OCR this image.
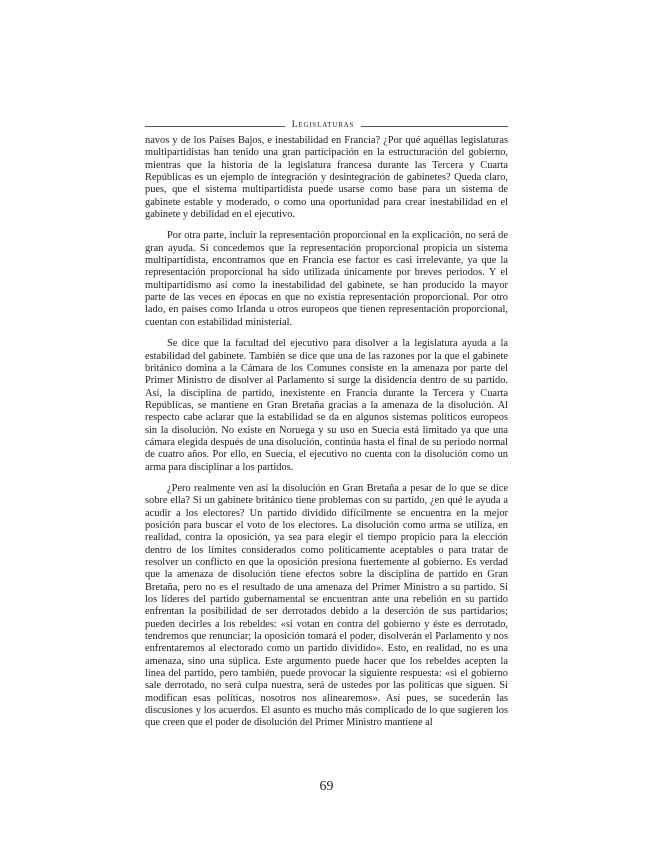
Legislaturas

navos y de los Países Bajos, e inestabilidad en Francia? ¿Por qué aquéllas legislaturas multipartidistas han tenido una gran participación en la estructuración del gobierno, mientras que la historia de la legislatura francesa durante las Tercera y Cuarta Repúblicas es un ejemplo de integración y desintegración de gabinetes? Queda claro, pues, que el sistema multipartidista puede usarse como base para un sistema de gabinete estable y moderado, o como una oportunidad para crear inestabilidad en el gabinete y debilidad en el ejecutivo.

Por otra parte, incluir la representación proporcional en la explicación, no será de gran ayuda. Si concedemos que la representación proporcional propicia un sistema multipartidista, encontramos que en Francia ese factor es casi irrelevante, ya que la representación proporcional ha sido utilizada únicamente por breves periodos. Y el multipartidismo así como la inestabilidad del gabinete, se han producido la mayor parte de las veces en épocas en que no existía representación proporcional. Por otro lado, en países como Irlanda u otros europeos que tienen representación proporcional, cuentan con estabilidad ministerial.

Se dice que la facultad del ejecutivo para disolver a la legislatura ayuda a la estabilidad del gabinete. También se dice que una de las razones por la que el gabinete británico domina a la Cámara de los Comunes consiste en la amenaza por parte del Primer Ministro de disolver al Parlamento si surge la disidencia dentro de su partido. Así, la disciplina de partido, inexistente en Francia durante la Tercera y Cuarta Repúblicas, se mantiene en Gran Bretaña gracias a la amenaza de la disolución. Al respecto cabe aclarar que la estabilidad se da en algunos sistemas políticos europeos sin la disolución. No existe en Noruega y su uso en Suecia está limitado ya que una cámara elegida después de una disolución, continúa hasta el final de su periodo normal de cuatro años. Por ello, en Suecia, el ejecutivo no cuenta con la disolución como un arma para disciplinar a los partidos.

¿Pero realmente ven así la disolución en Gran Bretaña a pesar de lo que se dice sobre ella? Si un gabinete británico tiene problemas con su partido, ¿en qué le ayuda a acudir a los electores? Un partido dividido difícilmente se encuentra en la mejor posición para buscar el voto de los electores. La disolución como arma se utiliza, en realidad, contra la oposición, ya sea para elegir el tiempo propicio para la elección dentro de los límites considerados como políticamente aceptables o para tratar de resolver un conflicto en que la oposición presiona fuertemente al gobierno. Es verdad que la amenaza de disolución tiene efectos sobre la disciplina de partido en Gran Bretaña, pero no es el resultado de una amenaza del Primer Ministro a su partido. Si los líderes del partido gubernamental se encuentran ante una rebelión en su partido enfrentan la posibilidad de ser derrotados debido a la deserción de sus partidarios; pueden decirles a los rebeldes: «si votan en contra del gobierno y éste es derrotado, tendremos que renunciar; la oposición tomará el poder, disolverán el Parlamento y nos enfrentaremos al electorado como un partido dividido». Esto, en realidad, no es una amenaza, sino una súplica. Este argumento puede hacer que los rebeldes acepten la línea del partido, pero también, puede provocar la siguiente respuesta: «si el gobierno sale derrotado, no será culpa nuestra, será de ustedes por las políticas que siguen. Si modifican esas políticas, nosotros nos alinearemos». Así pues, se sucederán las discusiones y los acuerdos. El asunto es mucho más complicado de lo que sugieren los que creen que el poder de disolución del Primer Ministro mantiene al

69
